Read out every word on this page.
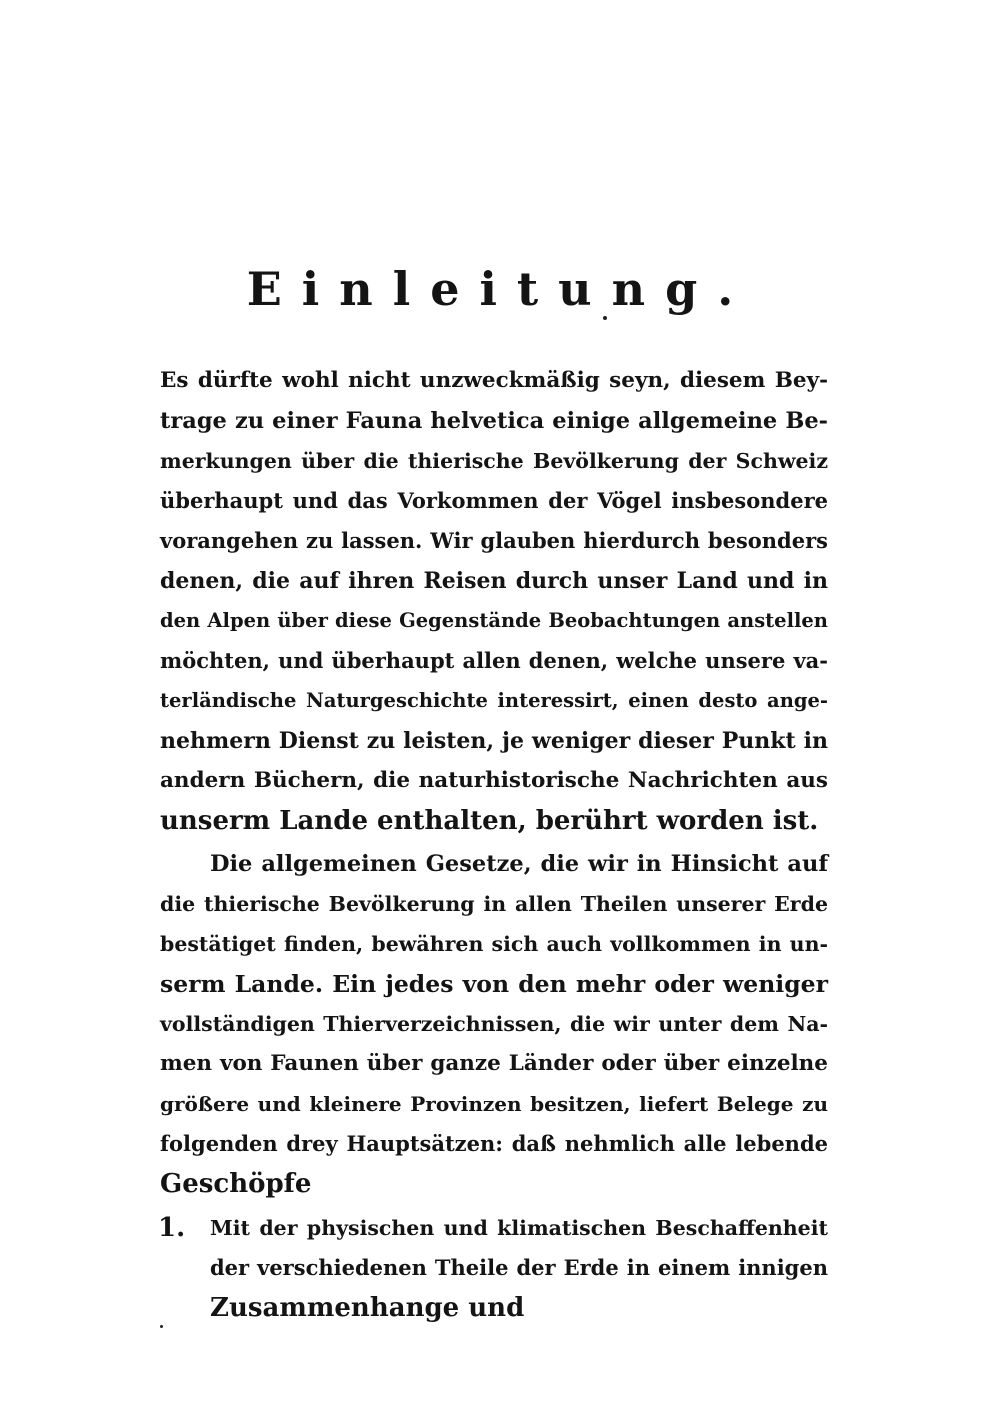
Einleitung.
Es dürfte wohl nicht unzweckmäßig seyn, diesem Bey-
trage zu einer Fauna helvetica einige allgemeine Be-
merkungen über die thierische Bevölkerung der Schweiz
überhaupt und das Vorkommen der Vögel insbesondere
vorangehen zu lassen. Wir glauben hierdurch besonders
denen, die auf ihren Reisen durch unser Land und in
den Alpen über diese Gegenstände Beobachtungen anstellen
möchten, und überhaupt allen denen, welche unsere va-
terländische Naturgeschichte interessirt, einen desto ange-
nehmern Dienst zu leisten, je weniger dieser Punkt in
andern Büchern, die naturhistorische Nachrichten aus
unserm Lande enthalten, berührt worden ist.
Die allgemeinen Gesetze, die wir in Hinsicht auf
die thierische Bevölkerung in allen Theilen unserer Erde
bestätiget finden, bewähren sich auch vollkommen in un-
serm Lande. Ein jedes von den mehr oder weniger
vollständigen Thierverzeichnissen, die wir unter dem Na-
men von Faunen über ganze Länder oder über einzelne
größere und kleinere Provinzen besitzen, liefert Belege zu
folgenden drey Hauptsätzen: daß nehmlich alle lebende
Geschöpfe
1. Mit der physischen und klimatischen Beschaffenheit
der verschiedenen Theile der Erde in einem innigen
Zusammenhange und
